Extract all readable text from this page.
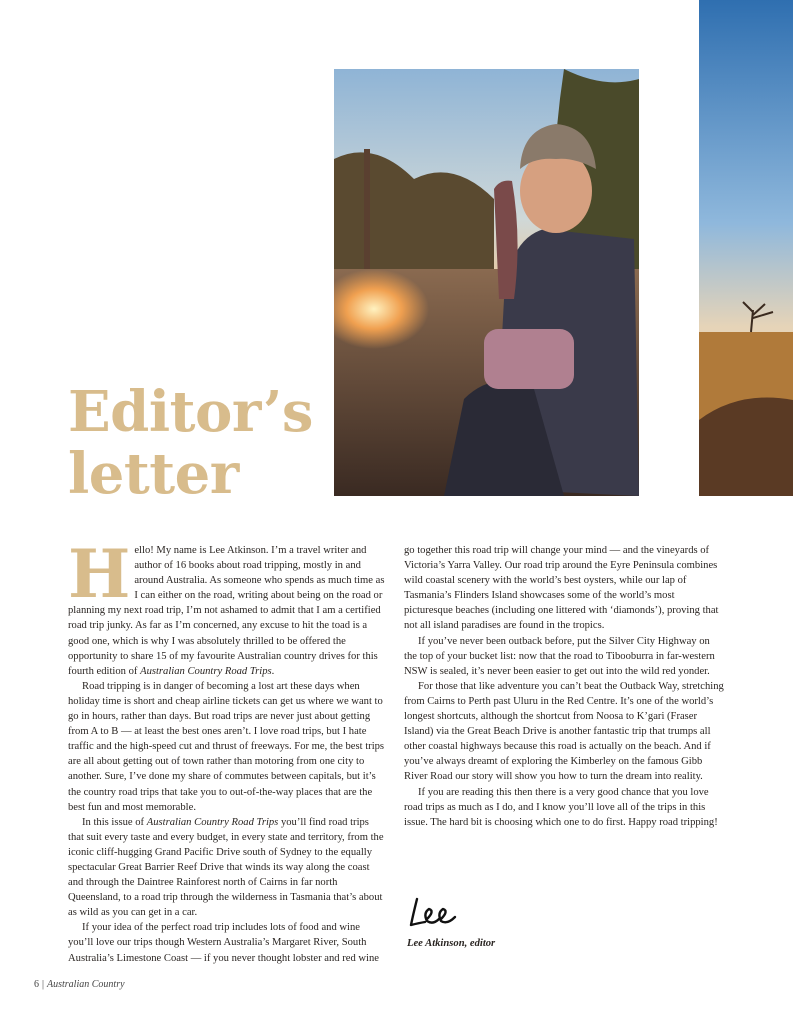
Editor’s
letter

Hello! My name is Lee Atkinson. I’m a travel writer and author of 16 books about road tripping, mostly in and around Australia. As someone who spends as much time as I can either on the road, writing about being on the road or planning my next road trip, I’m not ashamed to admit that I am a certified road trip junky. As far as I’m concerned, any excuse to hit the toad is a good one, which is why I was absolutely thrilled to be offered the opportunity to share 15 of my favourite Australian country drives for this fourth edition of Australian Country Road Trips.

Road tripping is in danger of becoming a lost art these days when holiday time is short and cheap airline tickets can get us where we want to go in hours, rather than days. But road trips are never just about getting from A to B — at least the best ones aren’t. I love road trips, but I hate traffic and the high-speed cut and thrust of freeways. For me, the best trips are all about getting out of town rather than motoring from one city to another. Sure, I’ve done my share of commutes between capitals, but it’s the country road trips that take you to out-of-the-way places that are the best fun and most memorable.

In this issue of Australian Country Road Trips you’ll find road trips that suit every taste and every budget, in every state and territory, from the iconic cliff-hugging Grand Pacific Drive south of Sydney to the equally spectacular Great Barrier Reef Drive that winds its way along the coast and through the Daintree Rainforest north of Cairns in far north Queensland, to a road trip through the wilderness in Tasmania that’s about as wild as you can get in a car.

If your idea of the perfect road trip includes lots of food and wine you’ll love our trips though Western Australia’s Margaret River, South Australia’s Limestone Coast — if you never thought lobster and red wine

go together this road trip will change your mind — and the vineyards of Victoria’s Yarra Valley. Our road trip around the Eyre Peninsula combines wild coastal scenery with the world’s best oysters, while our lap of Tasmania’s Flinders Island showcases some of the world’s most picturesque beaches (including one littered with ‘diamonds’), proving that not all island paradises are found in the tropics.

If you’ve never been outback before, put the Silver City Highway on the top of your bucket list: now that the road to Tibooburra in far-western NSW is sealed, it’s never been easier to get out into the wild red yonder.

For those that like adventure you can’t beat the Outback Way, stretching from Cairns to Perth past Uluru in the Red Centre. It’s one of the world’s longest shortcuts, although the shortcut from Noosa to K’gari (Fraser Island) via the Great Beach Drive is another fantastic trip that trumps all other coastal highways because this road is actually on the beach. And if you’ve always dreamt of exploring the Kimberley on the famous Gibb River Road our story will show you how to turn the dream into reality.

If you are reading this then there is a very good chance that you love road trips as much as I do, and I know you’ll love all of the trips in this issue. The hard bit is choosing which one to do first. Happy road tripping!

Lee Atkinson, editor
6 | Australian Country
